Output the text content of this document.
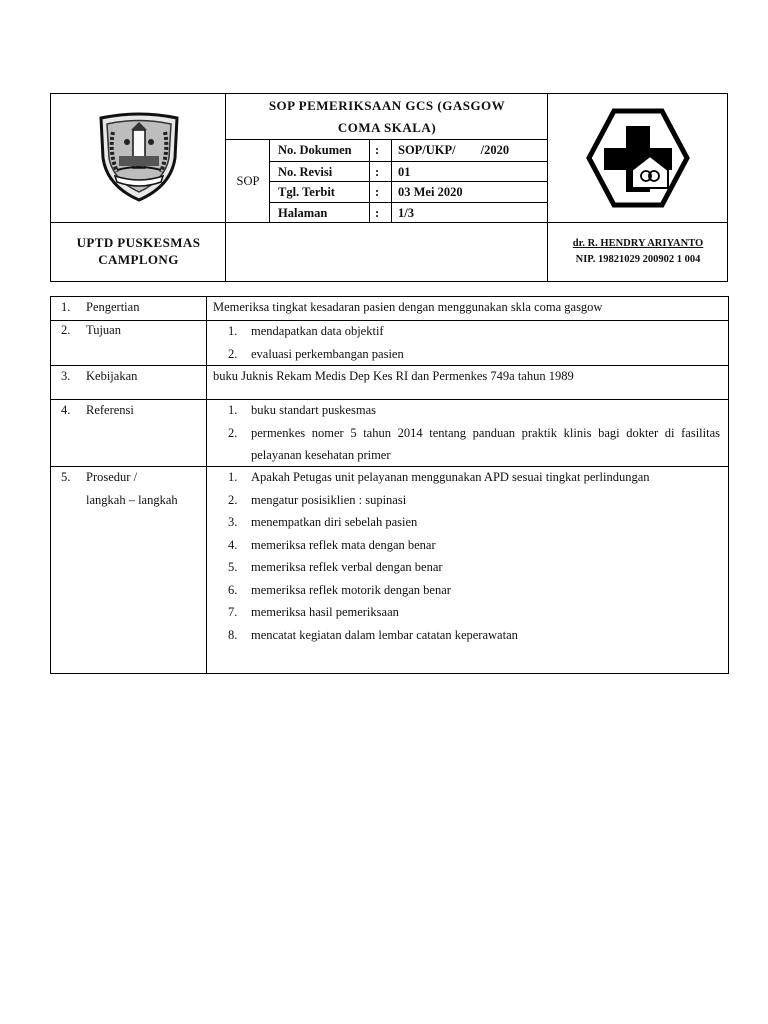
SOP PEMERIKSAAN GCS (GASGOW
COMA SKALA)
SOP
No. Dokumen : SOP/UKP/        /2020
No. Revisi	: 01
Tgl. Terbit	: 03 Mei 2020
Halaman	: 1/3
UPTD PUSKESMAS
CAMPLONG
dr. R. HENDRY ARIYANTO
NIP. 19821029 200902 1 004
1. Pengertian	Memeriksa tingkat kesadaran pasien dengan menggunakan skla coma gasgow
2. Tujuan	1. mendapatkan data objektif
2. evaluasi perkembangan pasien
3. Kebijakan	buku Juknis Rekam Medis Dep Kes RI dan Permenkes 749a tahun 1989
4. Referensi	1. buku standart puskesmas
2. permenkes nomer 5 tahun 2014 tentang panduan praktik klinis bagi dokter di fasilitas pelayanan kesehatan primer
5. Prosedur /
langkah – langkah
1. Apakah Petugas unit pelayanan menggunakan APD sesuai tingkat perlindungan
2. mengatur posisiklien : supinasi
3. menempatkan diri sebelah pasien
4. memeriksa reflek mata dengan benar
5. memeriksa reflek verbal dengan benar
6. memeriksa reflek motorik dengan benar
7. memeriksa hasil pemeriksaan
8. mencatat kegiatan dalam lembar catatan keperawatan
